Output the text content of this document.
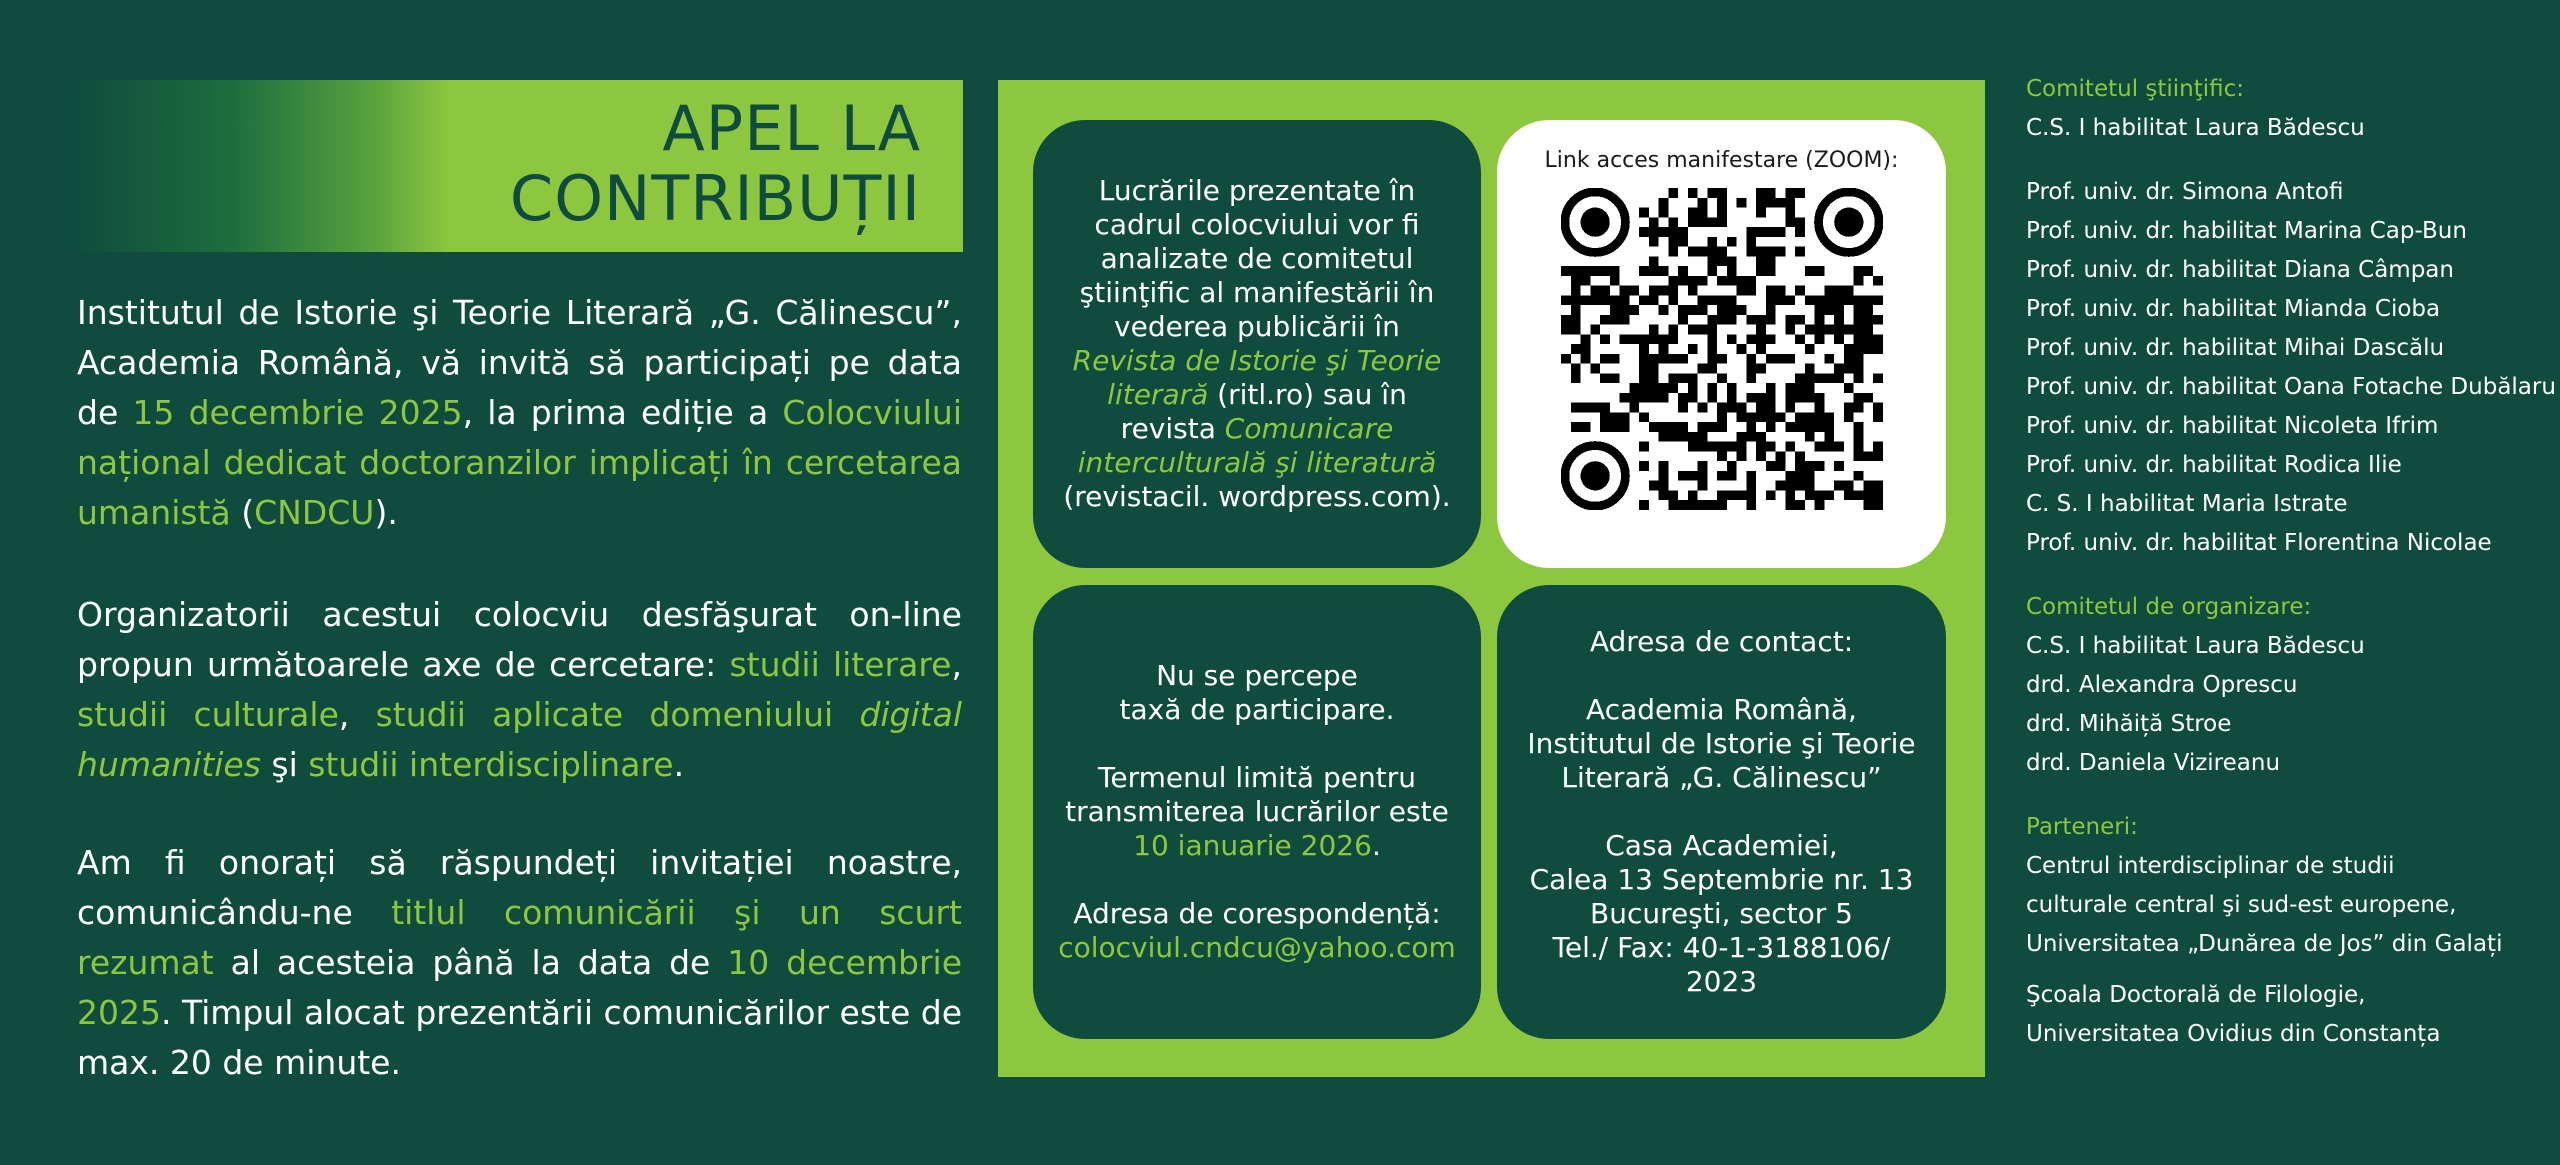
APEL LA
CONTRIBUȚII

Institutul de Istorie şi Teorie Literară „G. Călinescu”, Academia Română, vă invită să participați pe data de 15 decembrie 2025, la prima ediție a Colocviului național dedicat doctoranzilor implicați în cercetarea umanistă (CNDCU).

Organizatorii acestui colocviu desfăşurat on-line propun următoarele axe de cercetare: studii literare, studii culturale, studii aplicate domeniului digital humanities şi studii interdisciplinare.

Am fi onorați să răspundeți invitației noastre, comunicându-ne titlul comunicării şi un scurt rezumat al acesteia până la data de 10 decembrie 2025. Timpul alocat prezentării comunicărilor este de max. 20 de minute.

Lucrările prezentate în cadrul colocviului vor fi analizate de comitetul ştiinţific al manifestării în vederea publicării în Revista de Istorie şi Teorie literară (ritl.ro) sau în revista Comunicare interculturală şi literatură (revistacil. wordpress.com).
Link acces manifestare (ZOOM):
Nu se percepe
taxă de participare.
Termenul limită pentru transmiterea lucrărilor este
10 ianuarie 2026.
Adresa de corespondență:
colocviul.cndcu@yahoo.com
Adresa de contact:
Academia Română,
Institutul de Istorie şi Teorie
Literară „G. Călinescu”
Casa Academiei,
Calea 13 Septembrie nr. 13
Bucureşti, sector 5
Tel./ Fax: 40-1-3188106/ 2023
Comitetul ştiinţific:
C.S. I habilitat Laura Bădescu
Prof. univ. dr. Simona Antofi
Prof. univ. dr. habilitat Marina Cap-Bun
Prof. univ. dr. habilitat Diana Câmpan
Prof. univ. dr. habilitat Mianda Cioba
Prof. univ. dr. habilitat Mihai Dascălu
Prof. univ. dr. habilitat Oana Fotache Dubălaru
Prof. univ. dr. habilitat Nicoleta Ifrim
Prof. univ. dr. habilitat Rodica Ilie
C. S. I habilitat Maria Istrate
Prof. univ. dr. habilitat Florentina Nicolae
Comitetul de organizare:
C.S. I habilitat Laura Bădescu
drd. Alexandra Oprescu
drd. Mihăiță Stroe
drd. Daniela Vizireanu
Parteneri:
Centrul interdisciplinar de studii
culturale central şi sud-est europene,
Universitatea „Dunărea de Jos” din Galați
Şcoala Doctorală de Filologie,
Universitatea Ovidius din Constanța
